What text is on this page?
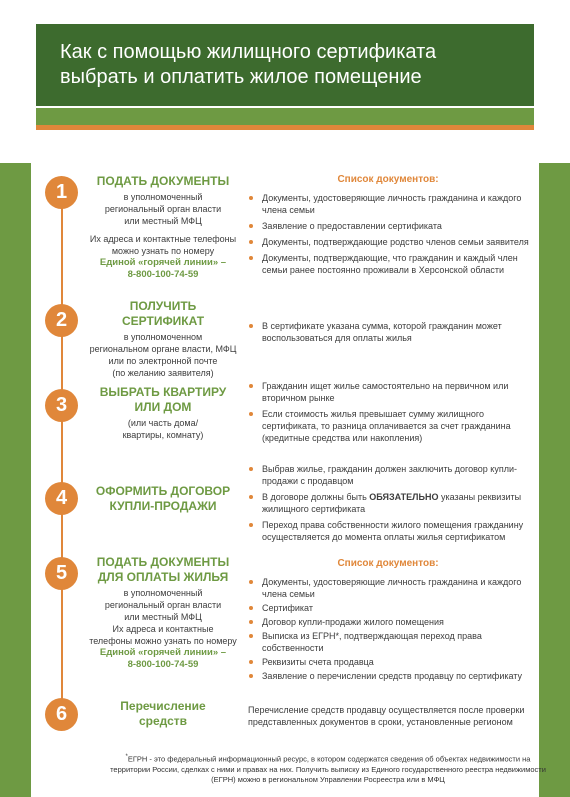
Как с помощью жилищного сертификата
выбрать и оплатить жилое помещение
1	ПОДАТЬ ДОКУМЕНТЫ
в уполномоченный
региональный орган власти
или местный МФЦ
Их адреса и контактные телефоны
можно узнать по номеру
Единой «горячей линии» –
8-800-100-74-59
Список документов:
Документы, удостоверяющие личность гражданина и каждого члена семьи
Заявление о предоставлении сертификата
Документы, подтверждающие родство членов семьи заявителя
Документы, подтверждающие, что гражданин и каждый член семьи ранее постоянно проживали в Херсонской области
2
ПОЛУЧИТЬ СЕРТИФИКАТ
в уполномоченном
региональном органе власти, МФЦ
или по электронной почте
(по желанию заявителя)
В сертификате указана сумма, которой гражданин может воспользоваться для оплаты жилья
3
ВЫБРАТЬ КВАРТИРУ
ИЛИ ДОМ
(или часть дома/
квартиры, комнату)
Гражданин ищет жилье самостоятельно на первичном или вторичном рынке
Если стоимость жилья превышает сумму жилищного сертификата, то разница оплачивается за счет гражданина (кредитные средства или накопления)
4	ОФОРМИТЬ ДОГОВОР
КУПЛИ-ПРОДАЖИ
Выбрав жилье, гражданин должен заключить договор купли-продажи с продавцом
В договоре должны быть ОБЯЗАТЕЛЬНО указаны реквизиты жилищного сертификата
Переход права собственности жилого помещения гражданину осуществляется до момента оплаты жилья сертификатом
5	ПОДАТЬ ДОКУМЕНТЫ
ДЛЯ ОПЛАТЫ ЖИЛЬЯ
в уполномоченный
региональный орган власти
или местный МФЦ
Их адреса и контактные
телефоны можно узнать по номеру
Единой «горячей линии» –
8-800-100-74-59
Список документов:
Документы, удостоверяющие личность гражданина и каждого члена семьи
Сертификат
Договор купли-продажи жилого помещения
Выписка из ЕГРН*, подтверждающая переход права собственности
Реквизиты счета продавца
Заявление о перечислении средств продавцу по сертификату
6	Перечисление
средств
Перечисление средств продавцу осуществляется после проверки представленных документов в сроки, установленные регионом
*ЕГРН - это федеральный информационный ресурс, в котором содержатся сведения об объектах недвижимости на территории России, сделках с ними и правах на них. Получить выписку из Единого государственного реестра недвижимости (ЕГРН) можно в региональном Управлении Росреестра или в МФЦ
